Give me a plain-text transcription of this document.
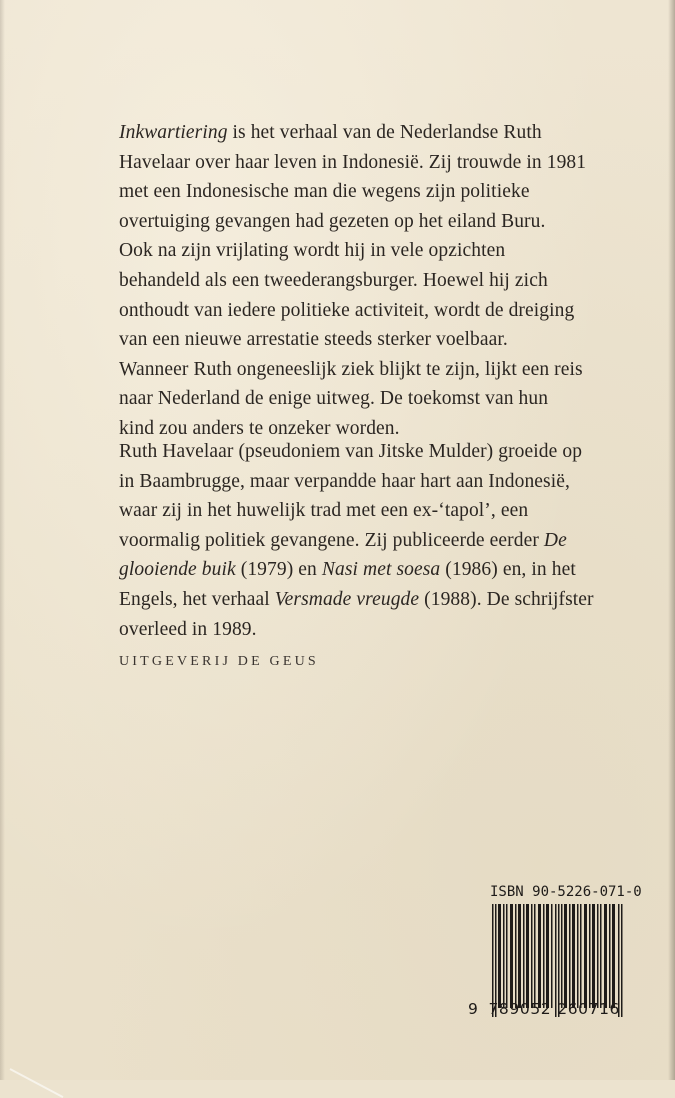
Inkwartiering is het verhaal van de Nederlandse Ruth
Havelaar over haar leven in Indonesië. Zij trouwde in 1981
met een Indonesische man die wegens zijn politieke
overtuiging gevangen had gezeten op het eiland Buru.
Ook na zijn vrijlating wordt hij in vele opzichten
behandeld als een tweederangsburger. Hoewel hij zich
onthoudt van iedere politieke activiteit, wordt de dreiging
van een nieuwe arrestatie steeds sterker voelbaar.
Wanneer Ruth ongeneeslijk ziek blijkt te zijn, lijkt een reis
naar Nederland de enige uitweg. De toekomst van hun
kind zou anders te onzeker worden.

Ruth Havelaar (pseudoniem van Jitske Mulder) groeide op
in Baambrugge, maar verpandde haar hart aan Indonesië,
waar zij in het huwelijk trad met een ex-‘tapol’, een
voormalig politiek gevangene. Zij publiceerde eerder De
glooiende buik (1979) en Nasi met soesa (1986) en, in het
Engels, het verhaal Versmade vreugde (1988). De schrijfster
overleed in 1989.

UITGEVERIJ DE GEUS
ISBN 90-5226-071-0
9 789052 260716
